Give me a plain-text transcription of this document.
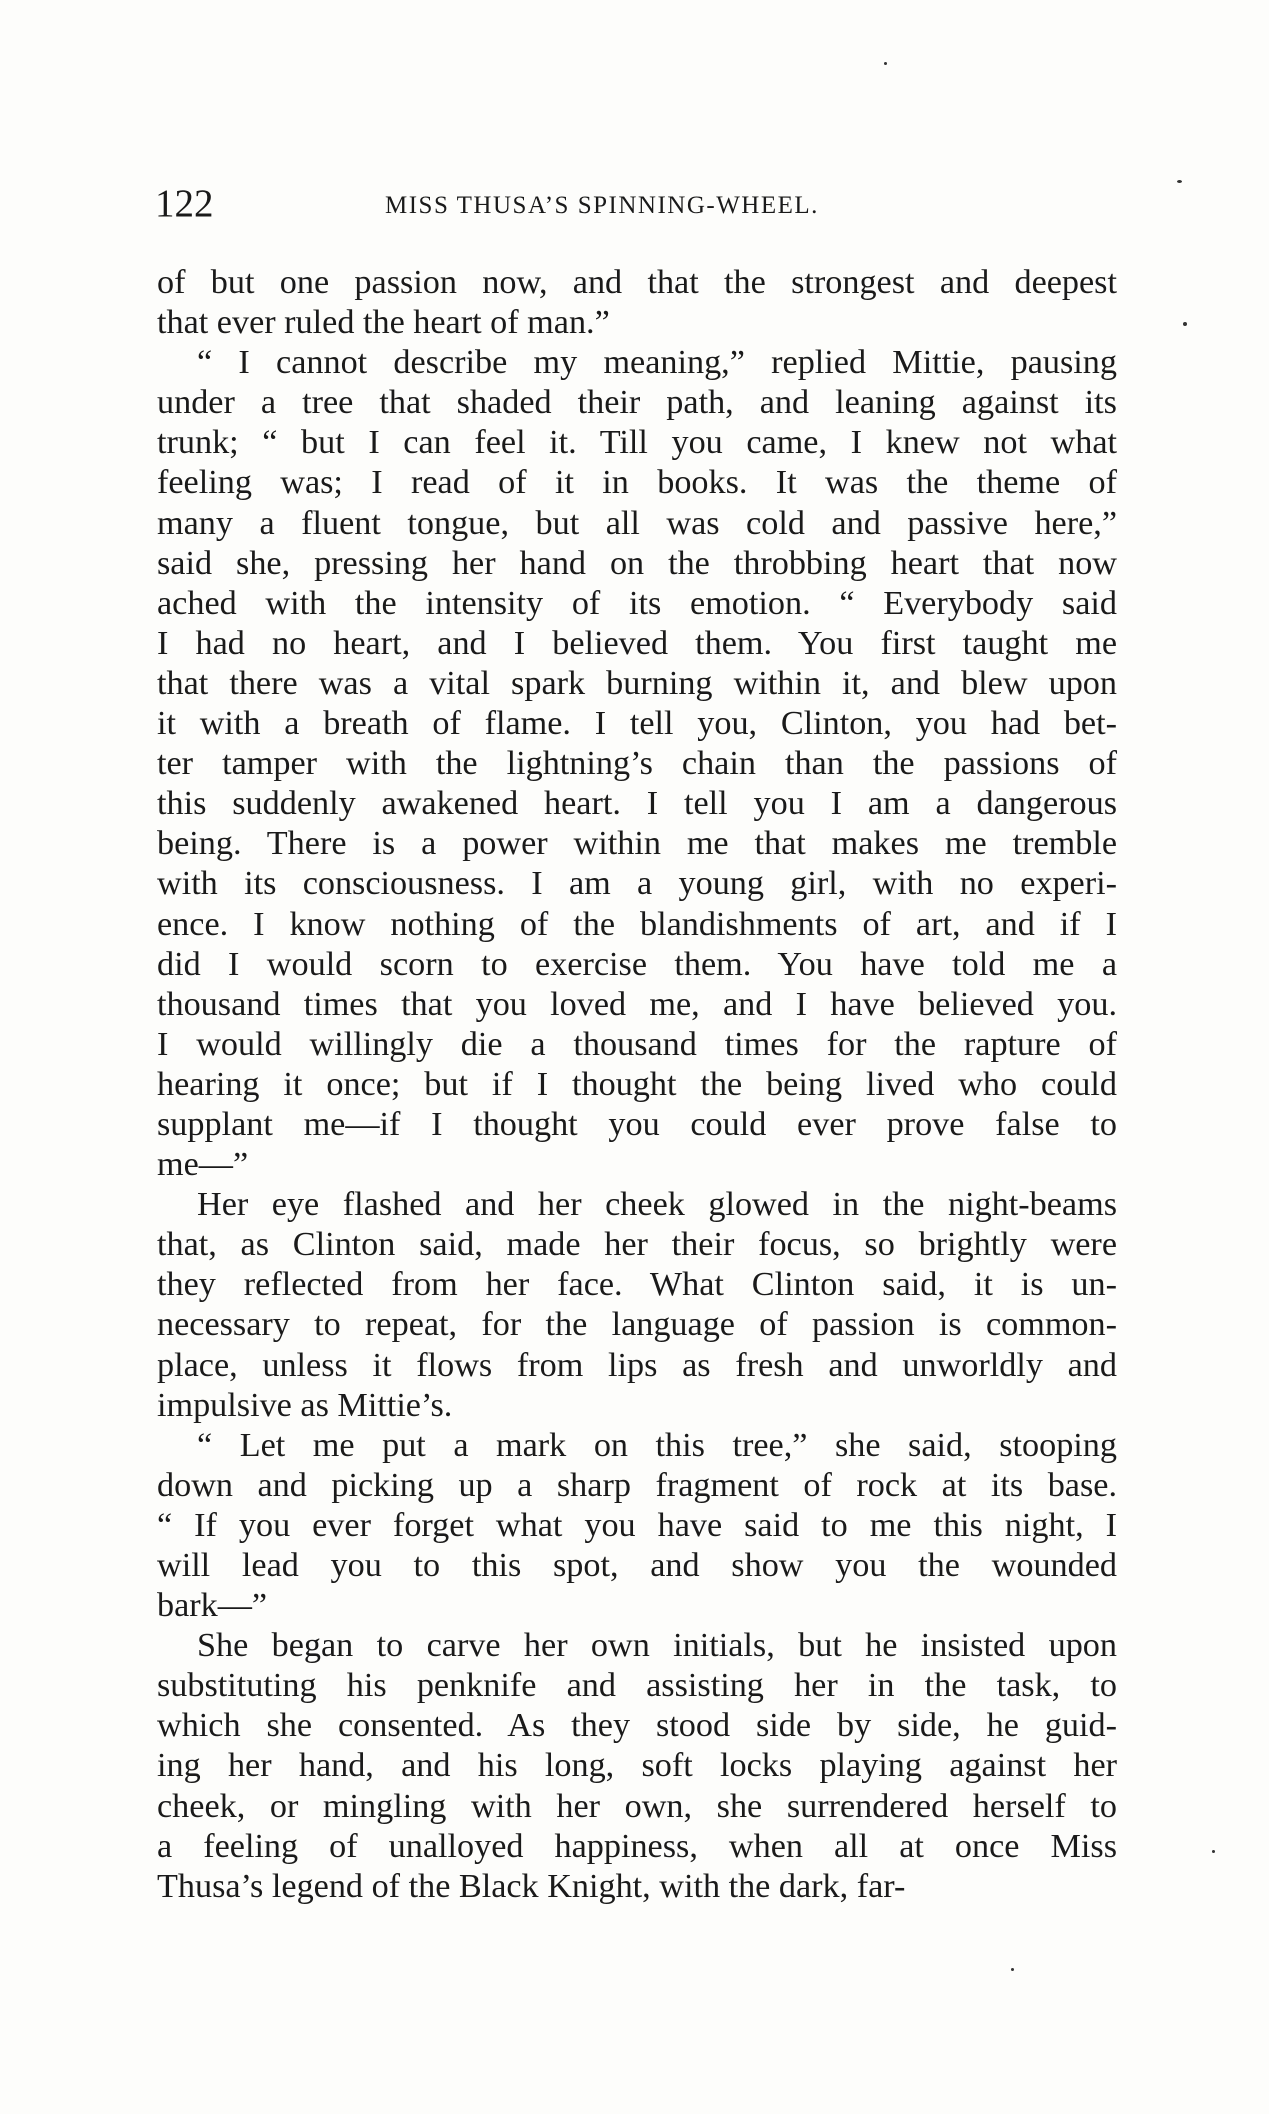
122	MISS THUSA’S SPINNING-WHEEL.
of but one passion now, and that the strongest and deepest
that ever ruled the heart of man.”
“ I cannot describe my meaning,” replied Mittie, pausing
under a tree that shaded their path, and leaning against its
trunk; “ but I can feel it. Till you came, I knew not what
feeling was; I read of it in books. It was the theme of
many a fluent tongue, but all was cold and passive here,”
said she, pressing her hand on the throbbing heart that now
ached with the intensity of its emotion. “ Everybody said
I had no heart, and I believed them. You first taught me
that there was a vital spark burning within it, and blew upon
it with a breath of flame. I tell you, Clinton, you had bet-
ter tamper with the lightning’s chain than the passions of
this suddenly awakened heart. I tell you I am a dangerous
being. There is a power within me that makes me tremble
with its consciousness. I am a young girl, with no experi-
ence. I know nothing of the blandishments of art, and if I
did I would scorn to exercise them. You have told me a
thousand times that you loved me, and I have believed you.
I would willingly die a thousand times for the rapture of
hearing it once; but if I thought the being lived who could
supplant me—if I thought you could ever prove false to
me—”
Her eye flashed and her cheek glowed in the night-beams
that, as Clinton said, made her their focus, so brightly were
they reflected from her face. What Clinton said, it is un-
necessary to repeat, for the language of passion is common-
place, unless it flows from lips as fresh and unworldly and
impulsive as Mittie’s.
“ Let me put a mark on this tree,” she said, stooping
down and picking up a sharp fragment of rock at its base.
“ If you ever forget what you have said to me this night, I
will lead you to this spot, and show you the wounded
bark—”
She began to carve her own initials, but he insisted upon
substituting his penknife and assisting her in the task, to
which she consented. As they stood side by side, he guid-
ing her hand, and his long, soft locks playing against her
cheek, or mingling with her own, she surrendered herself to
a feeling of unalloyed happiness, when all at once Miss
Thusa’s legend of the Black Knight, with the dark, far-
